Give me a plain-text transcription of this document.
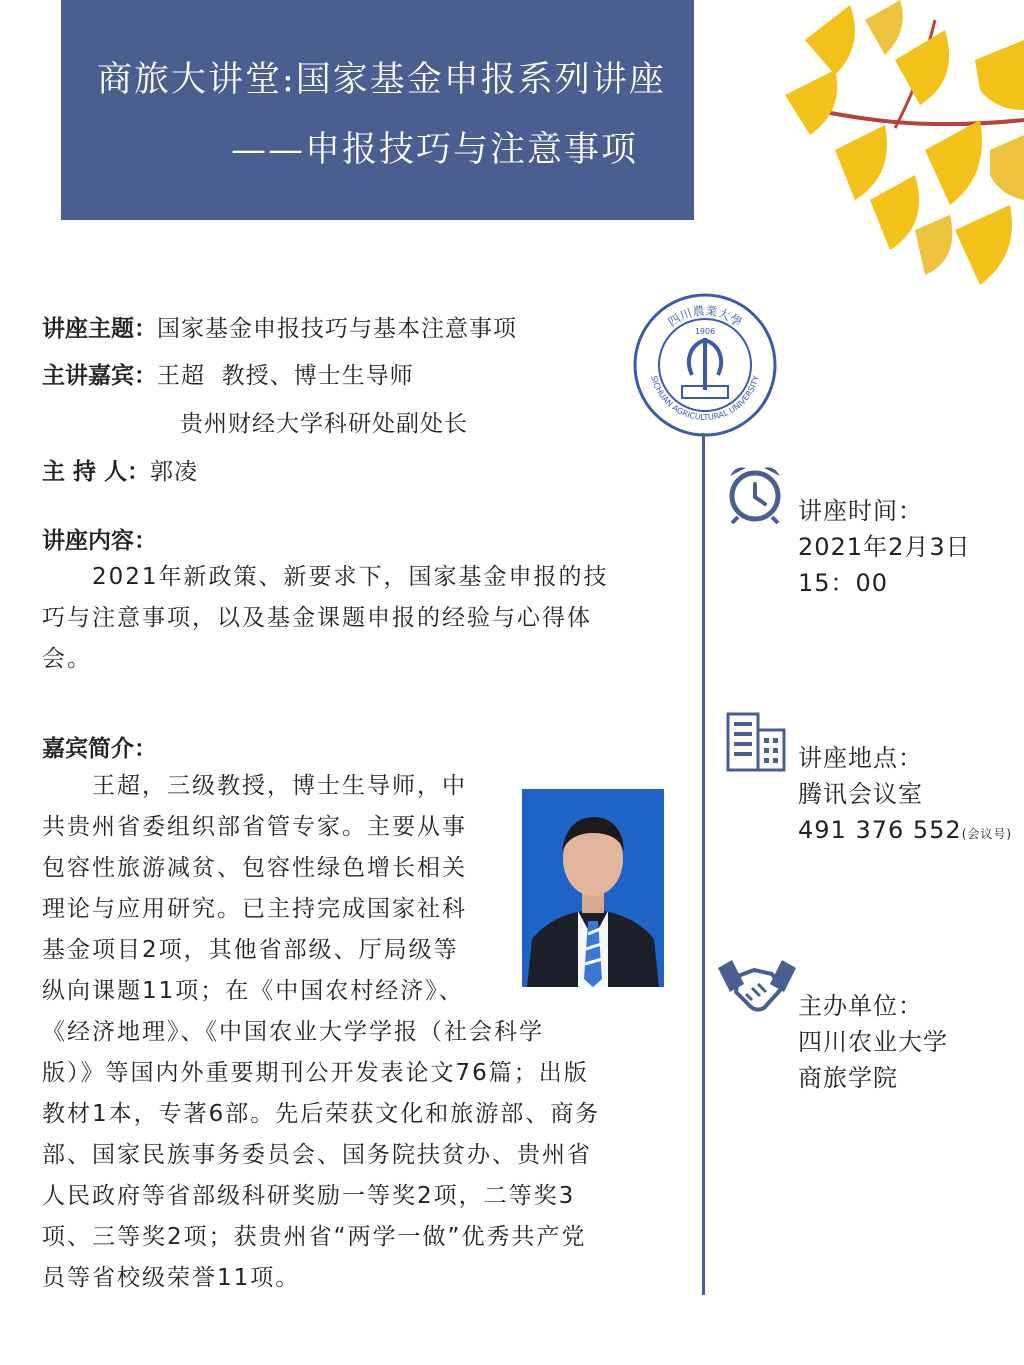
商旅大讲堂:国家基金申报系列讲座
——申报技巧与注意事项
四川農業大學
SICHUAN AGRICULTURAL UNIVERSITY
1906
讲座主题：国家基金申报技巧与基本注意事项
主讲嘉宾：王超  教授、博士生导师
贵州财经大学科研处副处长
主 持 人：郭凌
讲座内容：
　　2021年新政策、新要求下，国家基金申报的技
巧与注意事项，以及基金课题申报的经验与心得体
会。
嘉宾简介：
　　王超，三级教授，博士生导师，中
共贵州省委组织部省管专家。主要从事
包容性旅游减贫、包容性绿色增长相关
理论与应用研究。已主持完成国家社科
基金项目2项，其他省部级、厅局级等
纵向课题11项；在《中国农村经济》、
《经济地理》、《中国农业大学学报（社会科学
版）》等国内外重要期刊公开发表论文76篇；出版
教材1本，专著6部。先后荣获文化和旅游部、商务
部、国家民族事务委员会、国务院扶贫办、贵州省
人民政府等省部级科研奖励一等奖2项，二等奖3
项、三等奖2项；获贵州省“两学一做”优秀共产党
员等省校级荣誉11项。
讲座时间：
2021年2月3日
15：00
讲座地点：
腾讯会议室
491 376 552(会议号)
主办单位：
四川农业大学
商旅学院
